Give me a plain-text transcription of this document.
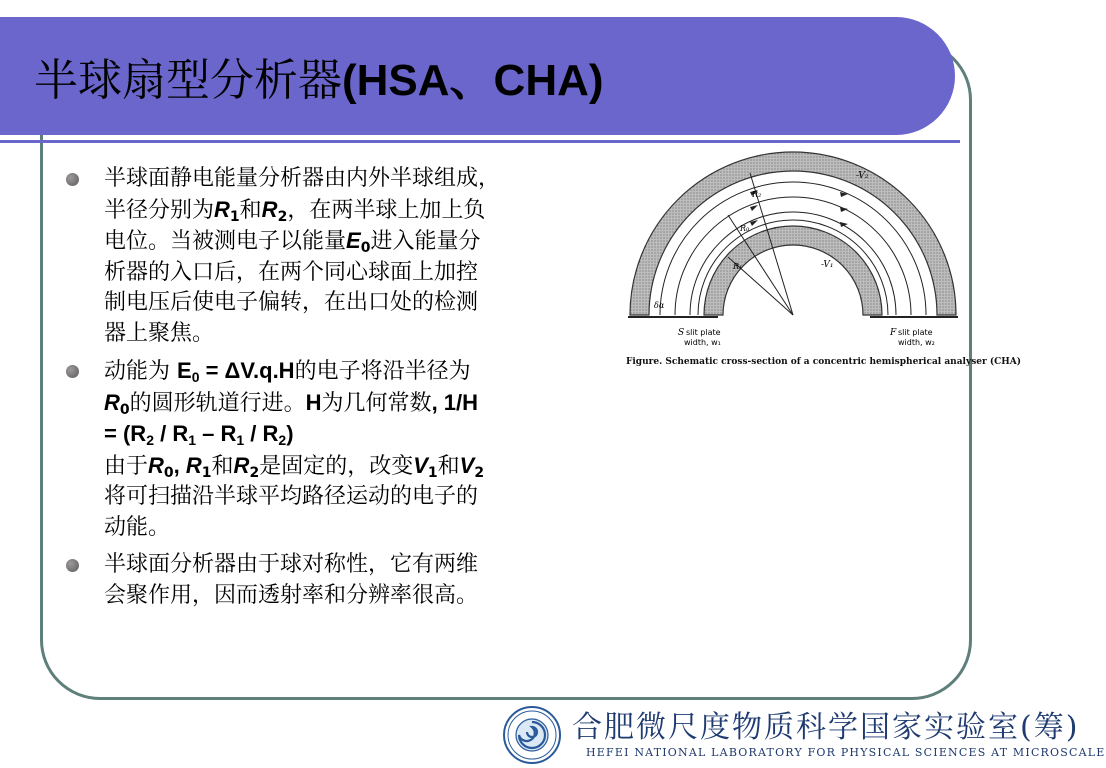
半球扇型分析器(HSA、CHA)

半球面静电能量分析器由内外半球组成，
半径分别为$R_1$和$R_2$，在两半球上加上负
电位。当被测电子以能量$E_0$进入能量分
析器的入口后，在两个同心球面上加控
制电压后使电子偏转，在出口处的检测
器上聚焦。

动能为 $E_0 = \Delta V.q.H$的电子将沿半径为
$R_0$的圆形轨道行进。H为几何常数, 1/H
= $(R_2 / R_1 - R_1 / R_2)$
由于$R_0$, $R_1$和$R_2$是固定的，改变$V_1$和$V_2$
将可扫描沿半球平均路径运动的电子的
动能。

半球面分析器由于球对称性，它有两维
会聚作用，因而透射率和分辨率很高。

-V₂
-V₁
R₂
R₀
R₁
δα
S slit plate
width, w₁
F slit plate
width, w₂
Figure. Schematic cross-section of a concentric hemispherical analyser (CHA)
合肥微尺度物质科学国家实验室(筹)
HEFEI NATIONAL LABORATORY FOR PHYSICAL SCIENCES AT MICROSCALE
